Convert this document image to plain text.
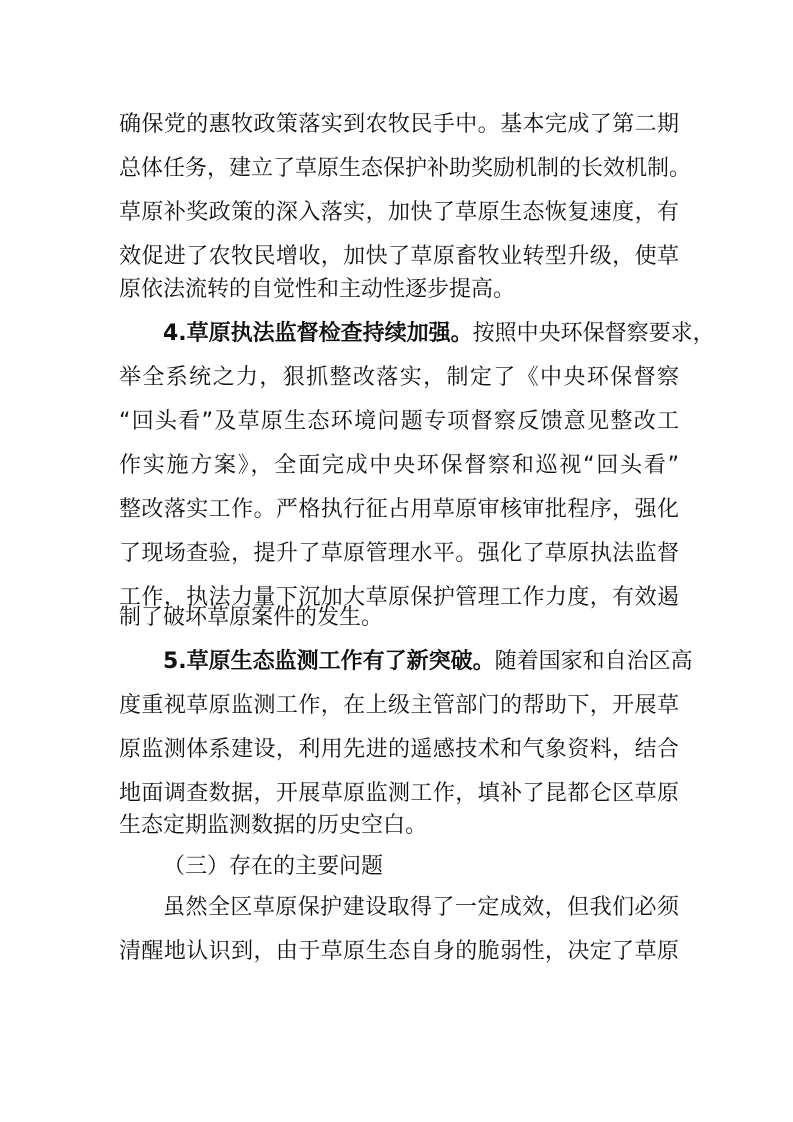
确保党的惠牧政策落实到农牧民手中。基本完成了第二期
总体任务，建立了草原生态保护补助奖励机制的长效机制。
草原补奖政策的深入落实，加快了草原生态恢复速度，有
效促进了农牧民增收，加快了草原畜牧业转型升级，使草
原依法流转的自觉性和主动性逐步提高。
4.草原执法监督检查持续加强。按照中央环保督察要求，
举全系统之力，狠抓整改落实，制定了《中央环保督察
“回头看”及草原生态环境问题专项督察反馈意见整改工
作实施方案》，全面完成中央环保督察和巡视“回头看”
整改落实工作。严格执行征占用草原审核审批程序，强化
了现场查验，提升了草原管理水平。强化了草原执法监督
工作，执法力量下沉加大草原保护管理工作力度，有效遏
制了破坏草原案件的发生。
5.草原生态监测工作有了新突破。随着国家和自治区高
度重视草原监测工作，在上级主管部门的帮助下，开展草
原监测体系建设，利用先进的遥感技术和气象资料，结合
地面调查数据，开展草原监测工作，填补了昆都仑区草原
生态定期监测数据的历史空白。
（三）存在的主要问题
虽然全区草原保护建设取得了一定成效，但我们必须
清醒地认识到，由于草原生态自身的脆弱性，决定了草原
